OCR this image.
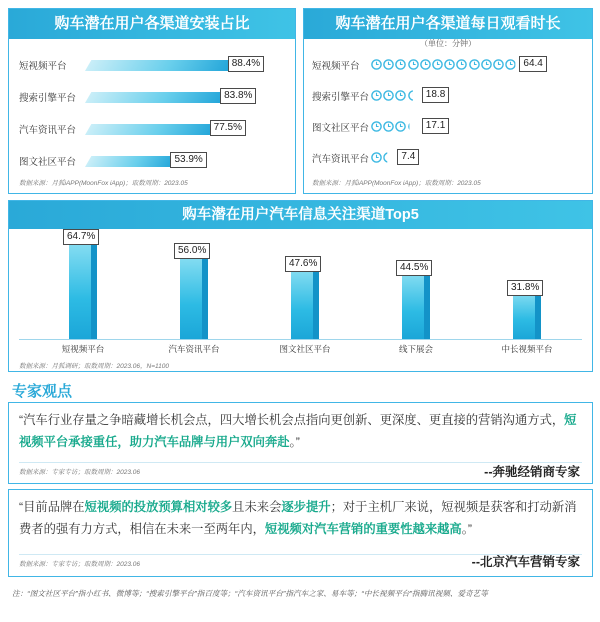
购车潜在用户各渠道安装占比
短视频平台	88.4%
搜索引擎平台	83.8%
汽车资讯平台	77.5%
图文社区平台	53.9%
数据来源：月狐iAPP(MoonFox iApp)；取数周期：2023.05
购车潜在用户各渠道每日观看时长
（单位：分钟）
短视频平台	64.4
搜索引擎平台	18.8
图文社区平台	17.1
汽车资讯平台	7.4
数据来源：月狐iAPP(MoonFox iApp)；取数周期：2023.05
购车潜在用户汽车信息关注渠道Top5
短视频平台
64.7%
汽车资讯平台
56.0%
图文社区平台
47.6%
线下展会
44.5%
中长视频平台
31.8%
数据来源：月狐调研；取数周期：2023.06，N=1100
专家观点
“汽车行业存量之争暗藏增长机会点，四大增长机会点指向更创新、更深度、更直接的营销沟通方式，短视频平台承接重任，助力汽车品牌与用户双向奔赴。”
数据来源：专家专访；取数周期：2023.06	--奔驰经销商专家
“目前品牌在短视频的投放预算相对较多且未来会逐步提升；对于主机厂来说，短视频是获客和打动新消费者的强有力方式，相信在未来一至两年内，短视频对汽车营销的重要性越来越高。”
数据来源：专家专访；取数周期：2023.06	--北京汽车营销专家
注：“图文社区平台”指小红书、微博等；“搜索引擎平台”指百度等；“汽车资讯平台”指汽车之家、易车等；“中长视频平台”指腾讯视频、爱奇艺等
